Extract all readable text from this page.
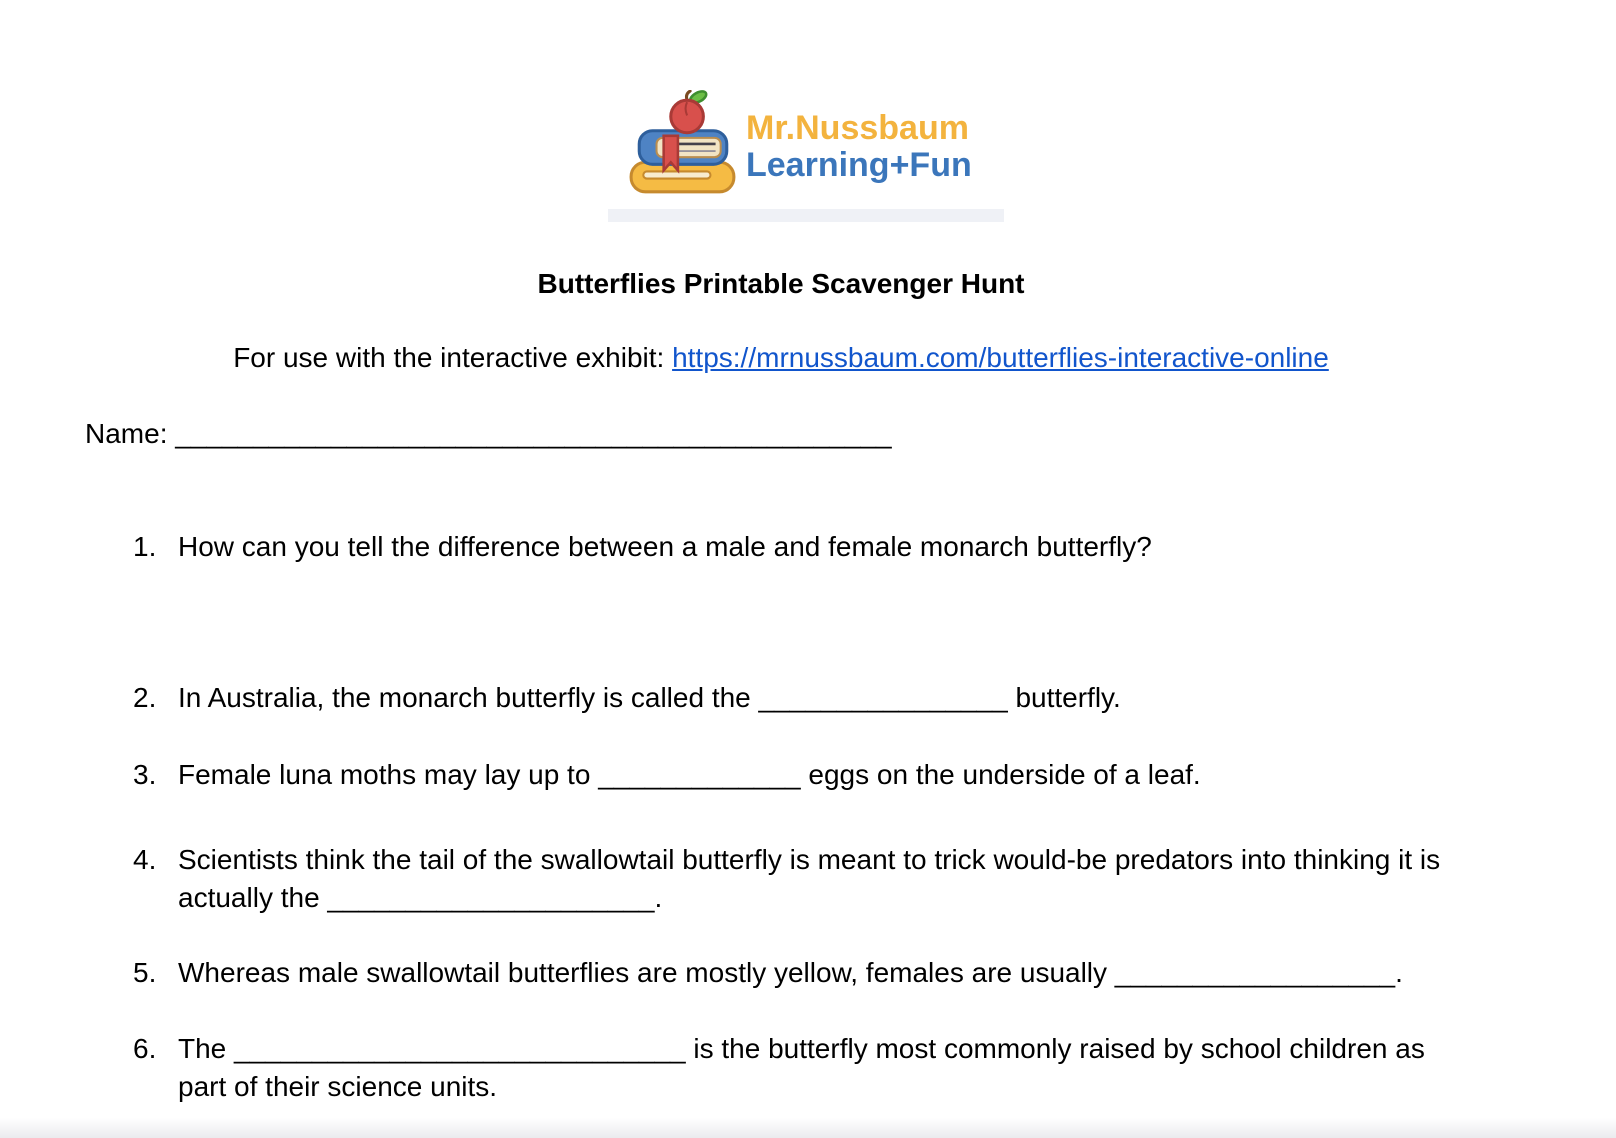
Mr.Nussbaum
Learning+Fun
Butterflies Printable Scavenger Hunt

For use with the interactive exhibit: https://mrnussbaum.com/butterflies-interactive-online

Name: ______________________________________________
1. How can you tell the difference between a male and female monarch butterfly?
2. In Australia, the monarch butterfly is called the ________________ butterfly.
3. Female luna moths may lay up to _____________ eggs on the underside of a leaf.
4. Scientists think the tail of the swallowtail butterfly is meant to trick would-be predators into thinking it is actually the _____________________.
5. Whereas male swallowtail butterflies are mostly yellow, females are usually __________________.
6. The _____________________________ is the butterfly most commonly raised by school children as part of their science units.
